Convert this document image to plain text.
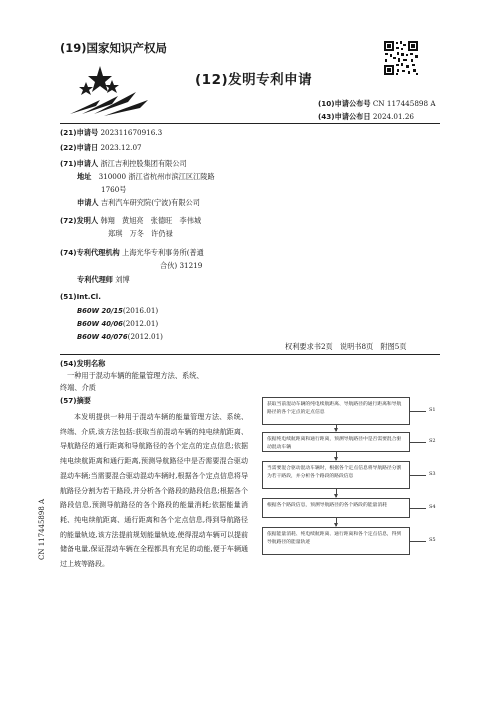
(19)国家知识产权局
(12)发明专利申请
(10)申请公布号 CN 117445898 A
(43)申请公布日 2024.01.26
(21)申请号 202311670916.3
(22)申请日 2023.12.07
(71)申请人 浙江吉利控股集团有限公司
地址　 310000 浙江省杭州市滨江区江陵路
1760号
申请人 吉利汽车研究院(宁波)有限公司
(72)发明人 韩翔　黄旭亮　张德旺　李伟城
郑琪　万冬　许仍禄
(74)专利代理机构 上海光华专利事务所(普通
合伙) 31219
专利代理师 刘博
(51)Int.Cl.
B60W 20/15(2016.01)
B60W 40/06(2012.01)
B60W 40/076(2012.01)
权利要求书2页　说明书8页　附图5页
(54)发明名称
一种用于混动车辆的能量管理方法、系统、
终端、介质
(57)摘要
本发明提供一种用于混动车辆的能量管理方法、系统、终端、介质,该方法包括:获取当前混动车辆的纯电续航距离、导航路径的通行距离和导航路径的各个定点的定点信息;依据纯电续航距离和通行距离,预测导航路径中是否需要混合驱动混动车辆;当需要混合驱动混动车辆时,根据各个定点信息将导航路径分割为若干路段,并分析各个路段的路段信息;根据各个路段信息,预测导航路径的各个路段的能量消耗;依据能量消耗、纯电续航距离、通行距离和各个定点信息,得到导航路径的能量轨迹,该方法提前规划能量轨迹,使得混动车辆可以提前储备电量,保证混动车辆在全程都具有充足的动能,便于车辆通过上坡等路段。
CN 117445898 A
获取当前混动车辆的纯电续航距离、导航路径的通行距离和导航路径的各个定点的定点信息	S1
依据纯电续航距离和通行距离，预测导航路径中是否需要混合驱动混动车辆
S2
当需要混合驱动混动车辆时，根据各个定点信息将导航路径分割为若干路段，并分析各个路段的路段信息	S3
根据各个路段信息，预测导航路径的各个路段的能量消耗	S4
依据能量消耗、纯电续航距离、通行距离和各个定点信息，得到导航路径的能量轨迹	S5
